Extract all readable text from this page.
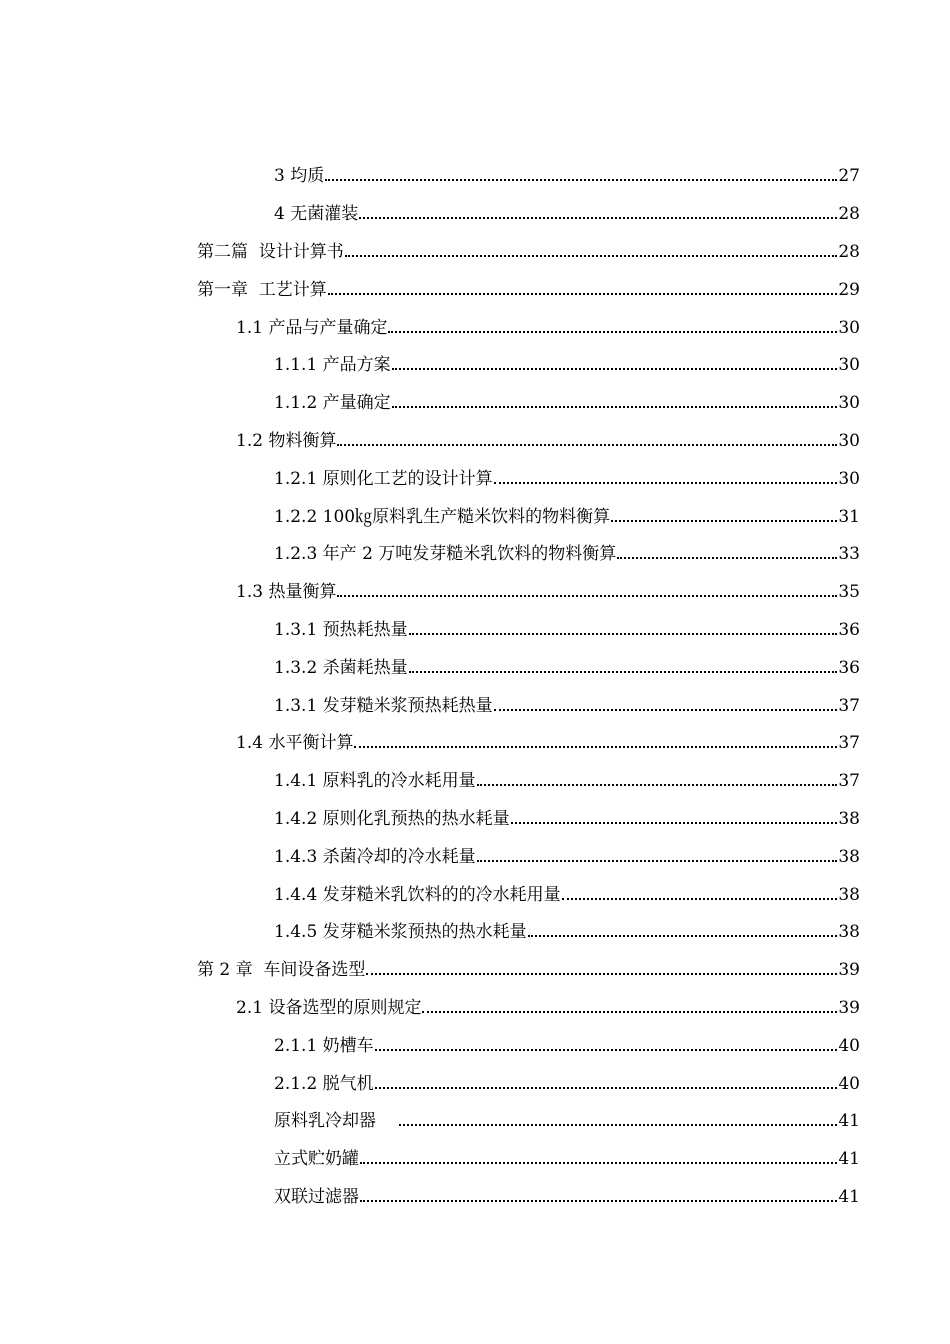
3 均质	27
4 无菌灌装	28
第二篇  设计计算书	28
第一章  工艺计算	29
1.1 产品与产量确定	30
1.1.1 产品方案	30
1.1.2 产量确定	30
1.2 物料衡算	30
1.2.1 原则化工艺的设计计算	30
1.2.2 100㎏原料乳生产糙米饮料的物料衡算	31
1.2.3 年产 2 万吨发芽糙米乳饮料的物料衡算	33
1.3 热量衡算	35
1.3.1 预热耗热量	36
1.3.2 杀菌耗热量	36
1.3.1 发芽糙米浆预热耗热量	37
1.4 水平衡计算	37
1.4.1 原料乳的冷水耗用量	37
1.4.2 原则化乳预热的热水耗量	38
1.4.3 杀菌冷却的冷水耗量	38
1.4.4 发芽糙米乳饮料的的冷水耗用量	38
1.4.5 发芽糙米浆预热的热水耗量	38
第 2 章  车间设备选型	39
2.1 设备选型的原则规定	39
2.1.1 奶槽车	40
2.1.2 脱气机	40
原料乳冷却器	41
立式贮奶罐	41
双联过滤器	41
